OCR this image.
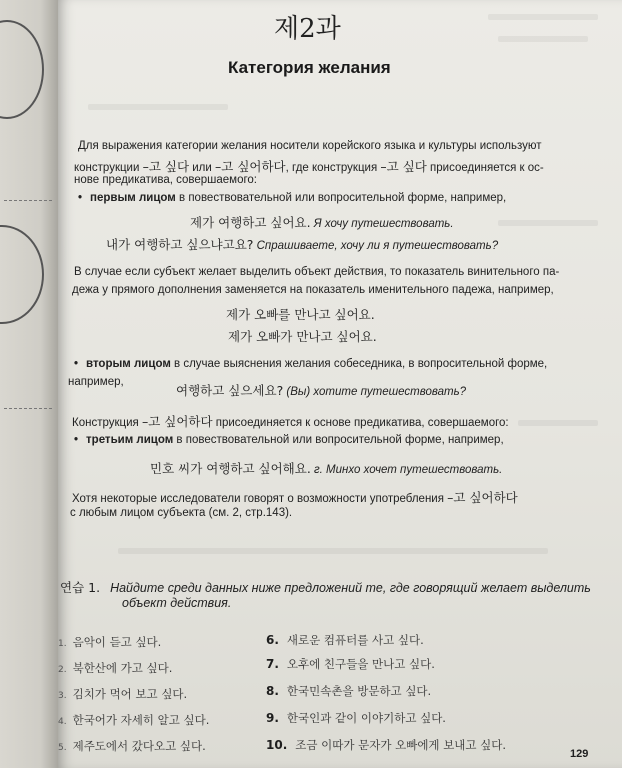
제2과
Категория желания
Для выражения категории желания носители корейского языка и культуры используют
конструкции –고 싶다 или –고 싶어하다, где конструкция –고 싶다 присоединяется к ос-
нове предикатива, совершаемого:
• первым лицом в повествовательной или вопросительной форме, например,
제가 여행하고 싶어요. Я хочу путешествовать.
내가 여행하고 싶으냐고요? Спрашиваете, хочу ли я путешествовать?
В случае если субъект желает выделить объект действия, то показатель винительного па-
дежа у прямого дополнения заменяется на показатель именительного падежа, например,
제가 오빠를 만나고 싶어요.
제가 오빠가 만나고 싶어요.
• вторым лицом в случае выяснения желания собеседника, в вопросительной форме,
например,
여행하고 싶으세요? (Вы) хотите путешествовать?
Конструкция –고 싶어하다 присоединяется к основе предикатива, совершаемого:
• третьим лицом в повествовательной или вопросительной форме, например,
민호 씨가 여행하고 싶어해요. г. Минхо хочет путешествовать.
Хотя некоторые исследователи говорят о возможности употребления –고 싶어하다
с любым лицом субъекта (см. 2, стр.143).
연습 1. Найдите среди данных ниже предложений те, где говорящий желает выделить
объект действия.
1. 음악이 듣고 싶다.
2. 북한산에 가고 싶다.
3. 김치가 먹어 보고 싶다.
4. 한국어가 자세히 알고 싶다.
5. 제주도에서 갔다오고 싶다.
6. 새로운 컴퓨터를 사고 싶다.
7. 오후에 친구들을 만나고 싶다.
8. 한국민속촌을 방문하고 싶다.
9. 한국인과 같이 이야기하고 싶다.
10. 조금 이따가 문자가 오빠에게 보내고 싶다.
129
